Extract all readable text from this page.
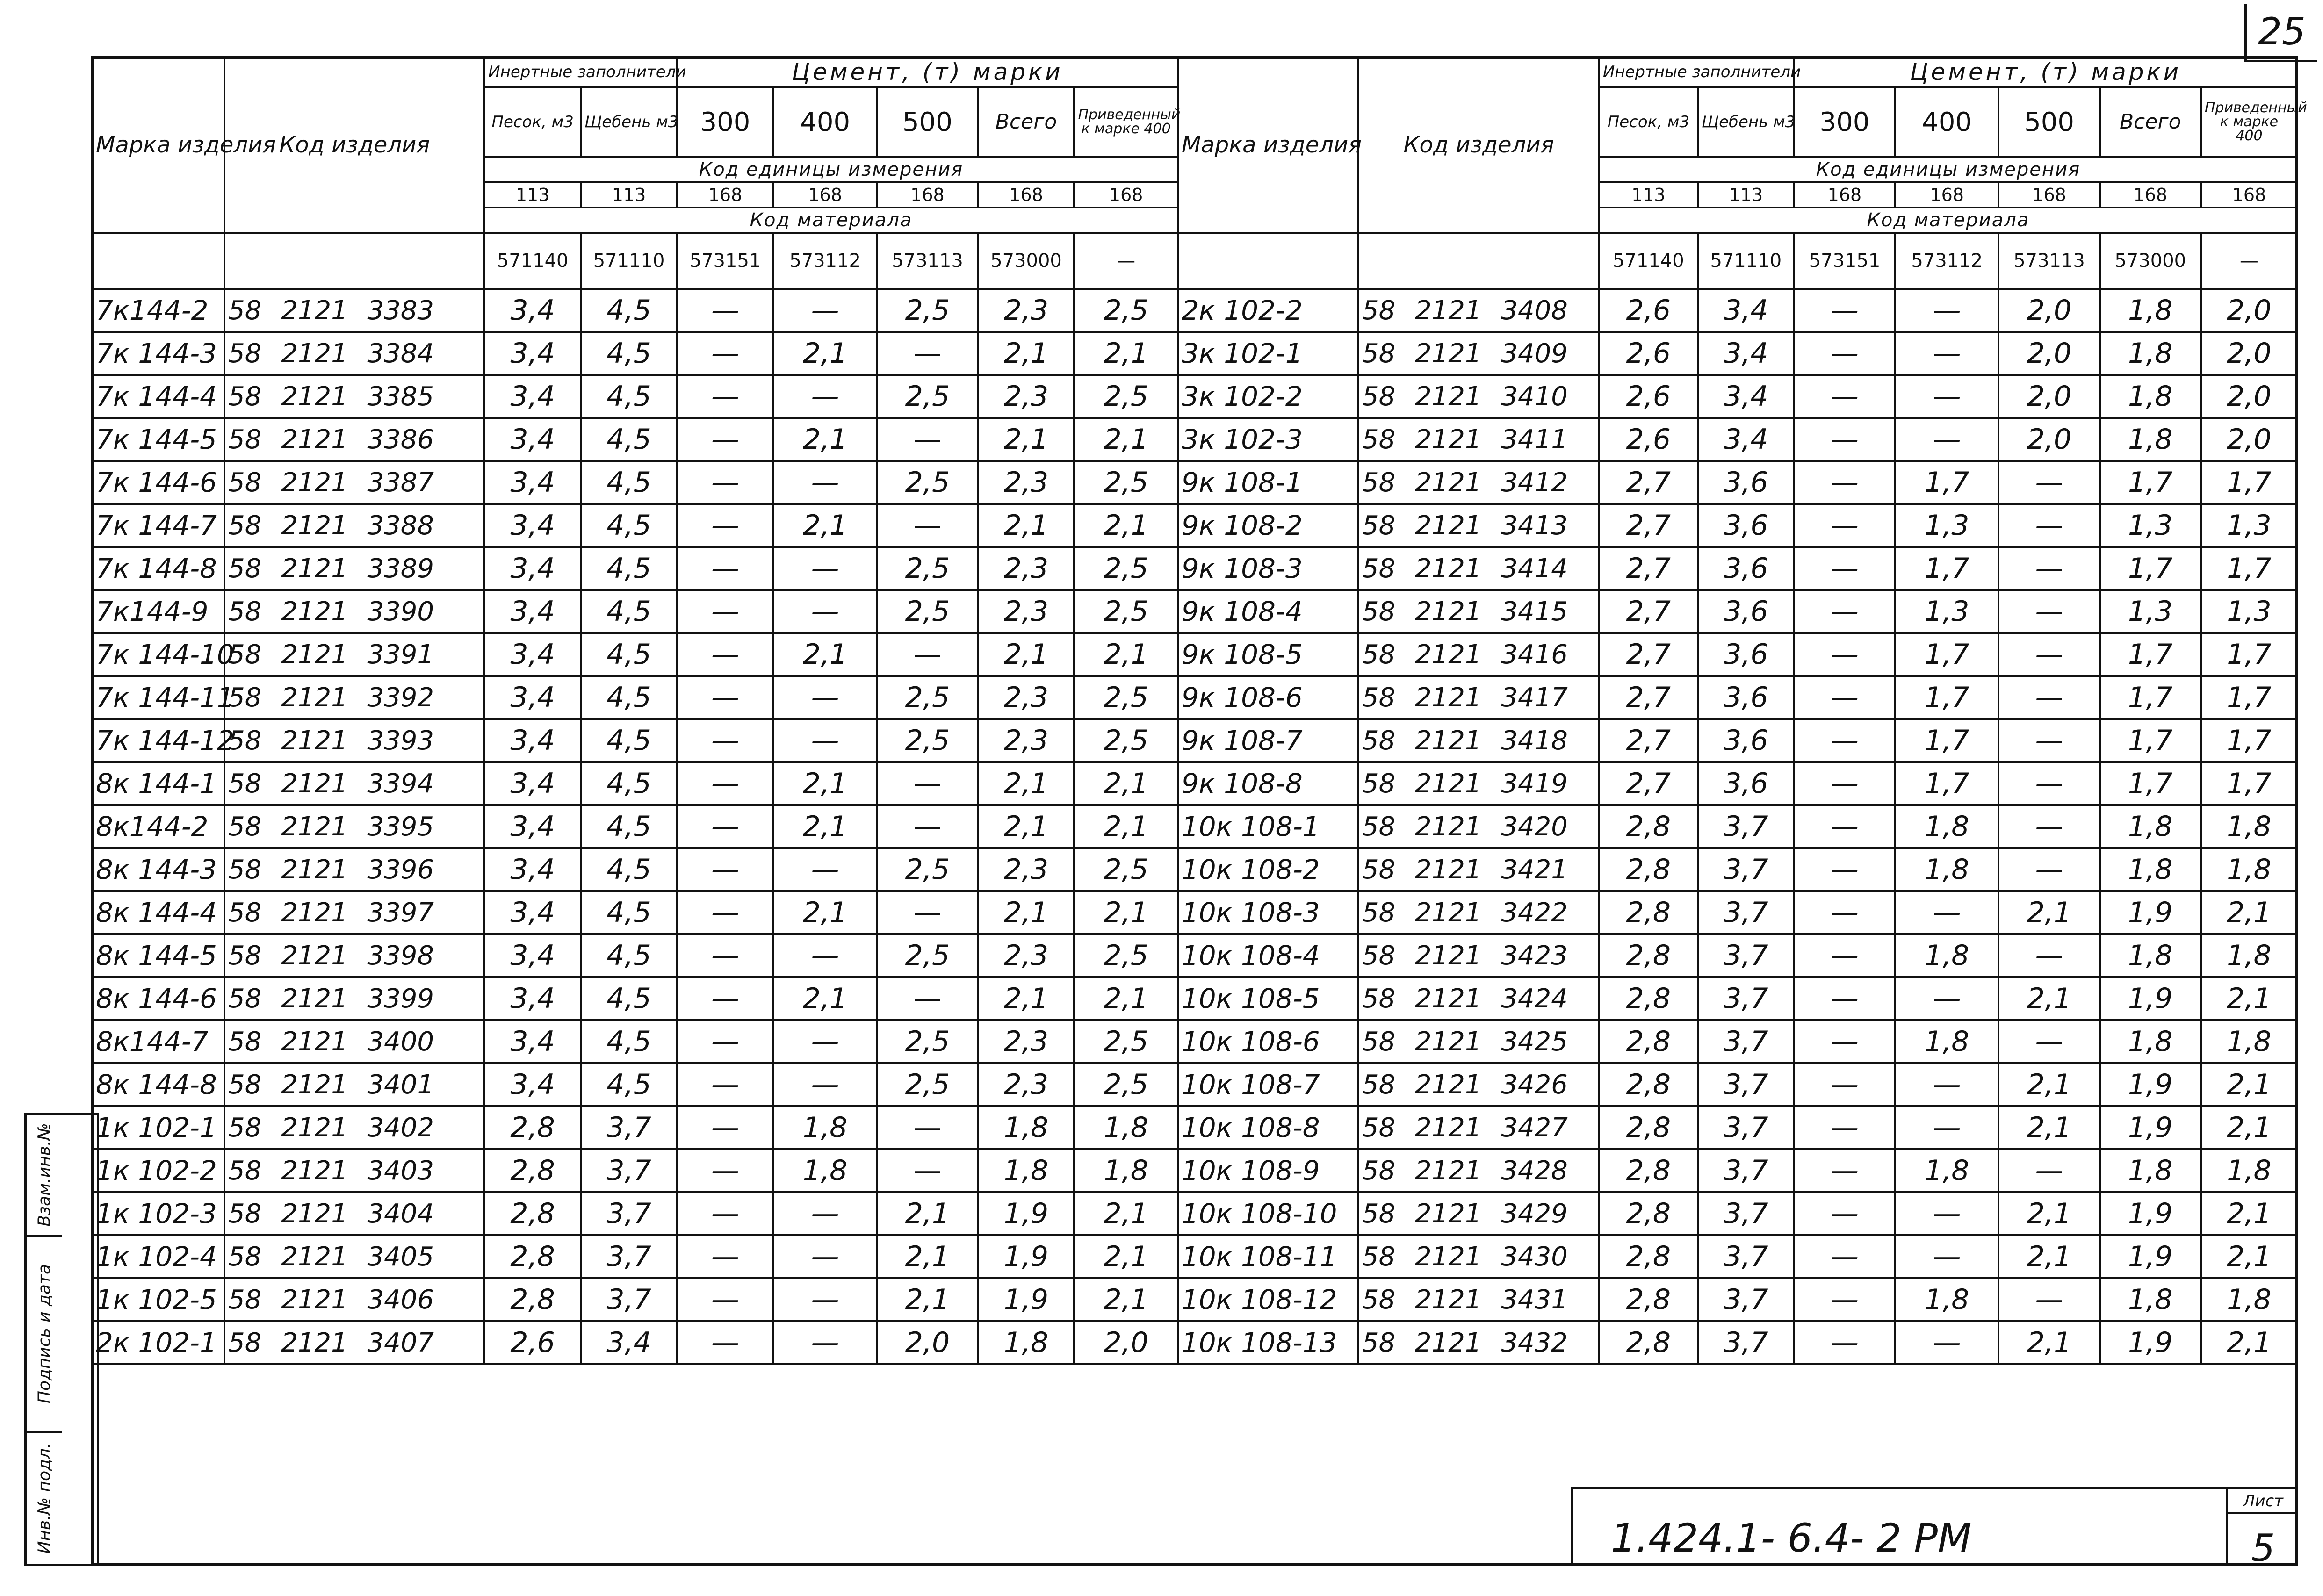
25
Взам.инв.№
Подпись и дата
Инв.№ подл.
Марка изделия	Код изделия	Инертные заполнители		Цемент, (т) марки					Марка изделия	Код изделия	Инертные заполнители		Цемент, (т) марки				
		Песок, м3	Щебень м3	300	400	500	Всего	Приведенный к марке 400			Песок, м3	Щебень м3	300	400	500	Всего	Приведенный к марке 400
		Код единицы измерения									Код единицы измерения						
		113	113	168	168	168	168	168			113	113	168	168	168	168	168
		Код материала									Код материала						
		571140	571110	573151	573112	573113	573000	—			571140	571110	573151	573112	573113	573000	—
7к144-2	58 2121 3383	3,4	4,5	—	—	2,5	2,3	2,5	2к 102-2	58 2121 3408	2,6	3,4	—	—	2,0	1,8	2,0
7к 144-3	58 2121 3384	3,4	4,5	—	2,1	—	2,1	2,1	3к 102-1	58 2121 3409	2,6	3,4	—	—	2,0	1,8	2,0
7к 144-4	58 2121 3385	3,4	4,5	—	—	2,5	2,3	2,5	3к 102-2	58 2121 3410	2,6	3,4	—	—	2,0	1,8	2,0
7к 144-5	58 2121 3386	3,4	4,5	—	2,1	—	2,1	2,1	3к 102-3	58 2121 3411	2,6	3,4	—	—	2,0	1,8	2,0
7к 144-6	58 2121 3387	3,4	4,5	—	—	2,5	2,3	2,5	9к 108-1	58 2121 3412	2,7	3,6	—	1,7	—	1,7	1,7
7к 144-7	58 2121 3388	3,4	4,5	—	2,1	—	2,1	2,1	9к 108-2	58 2121 3413	2,7	3,6	—	1,3	—	1,3	1,3
7к 144-8	58 2121 3389	3,4	4,5	—	—	2,5	2,3	2,5	9к 108-3	58 2121 3414	2,7	3,6	—	1,7	—	1,7	1,7
7к144-9	58 2121 3390	3,4	4,5	—	—	2,5	2,3	2,5	9к 108-4	58 2121 3415	2,7	3,6	—	1,3	—	1,3	1,3
7к 144-10	58 2121 3391	3,4	4,5	—	2,1	—	2,1	2,1	9к 108-5	58 2121 3416	2,7	3,6	—	1,7	—	1,7	1,7
7к 144-11	58 2121 3392	3,4	4,5	—	—	2,5	2,3	2,5	9к 108-6	58 2121 3417	2,7	3,6	—	1,7	—	1,7	1,7
7к 144-12	58 2121 3393	3,4	4,5	—	—	2,5	2,3	2,5	9к 108-7	58 2121 3418	2,7	3,6	—	1,7	—	1,7	1,7
8к 144-1	58 2121 3394	3,4	4,5	—	2,1	—	2,1	2,1	9к 108-8	58 2121 3419	2,7	3,6	—	1,7	—	1,7	1,7
8к144-2	58 2121 3395	3,4	4,5	—	2,1	—	2,1	2,1	10к 108-1	58 2121 3420	2,8	3,7	—	1,8	—	1,8	1,8
8к 144-3	58 2121 3396	3,4	4,5	—	—	2,5	2,3	2,5	10к 108-2	58 2121 3421	2,8	3,7	—	1,8	—	1,8	1,8
8к 144-4	58 2121 3397	3,4	4,5	—	2,1	—	2,1	2,1	10к 108-3	58 2121 3422	2,8	3,7	—	—	2,1	1,9	2,1
8к 144-5	58 2121 3398	3,4	4,5	—	—	2,5	2,3	2,5	10к 108-4	58 2121 3423	2,8	3,7	—	1,8	—	1,8	1,8
8к 144-6	58 2121 3399	3,4	4,5	—	2,1	—	2,1	2,1	10к 108-5	58 2121 3424	2,8	3,7	—	—	2,1	1,9	2,1
8к144-7	58 2121 3400	3,4	4,5	—	—	2,5	2,3	2,5	10к 108-6	58 2121 3425	2,8	3,7	—	1,8	—	1,8	1,8
8к 144-8	58 2121 3401	3,4	4,5	—	—	2,5	2,3	2,5	10к 108-7	58 2121 3426	2,8	3,7	—	—	2,1	1,9	2,1
1к 102-1	58 2121 3402	2,8	3,7	—	1,8	—	1,8	1,8	10к 108-8	58 2121 3427	2,8	3,7	—	—	2,1	1,9	2,1
1к 102-2	58 2121 3403	2,8	3,7	—	1,8	—	1,8	1,8	10к 108-9	58 2121 3428	2,8	3,7	—	1,8	—	1,8	1,8
1к 102-3	58 2121 3404	2,8	3,7	—	—	2,1	1,9	2,1	10к 108-10	58 2121 3429	2,8	3,7	—	—	2,1	1,9	2,1
1к 102-4	58 2121 3405	2,8	3,7	—	—	2,1	1,9	2,1	10к 108-11	58 2121 3430	2,8	3,7	—	—	2,1	1,9	2,1
1к 102-5	58 2121 3406	2,8	3,7	—	—	2,1	1,9	2,1	10к 108-12	58 2121 3431	2,8	3,7	—	1,8	—	1,8	1,8
2к 102-1	58 2121 3407	2,6	3,4	—	—	2,0	1,8	2,0	10к 108-13	58 2121 3432	2,8	3,7	—	—	2,1	1,9	2,1
1.424.1- 6.4- 2 РМ
Лист
5
